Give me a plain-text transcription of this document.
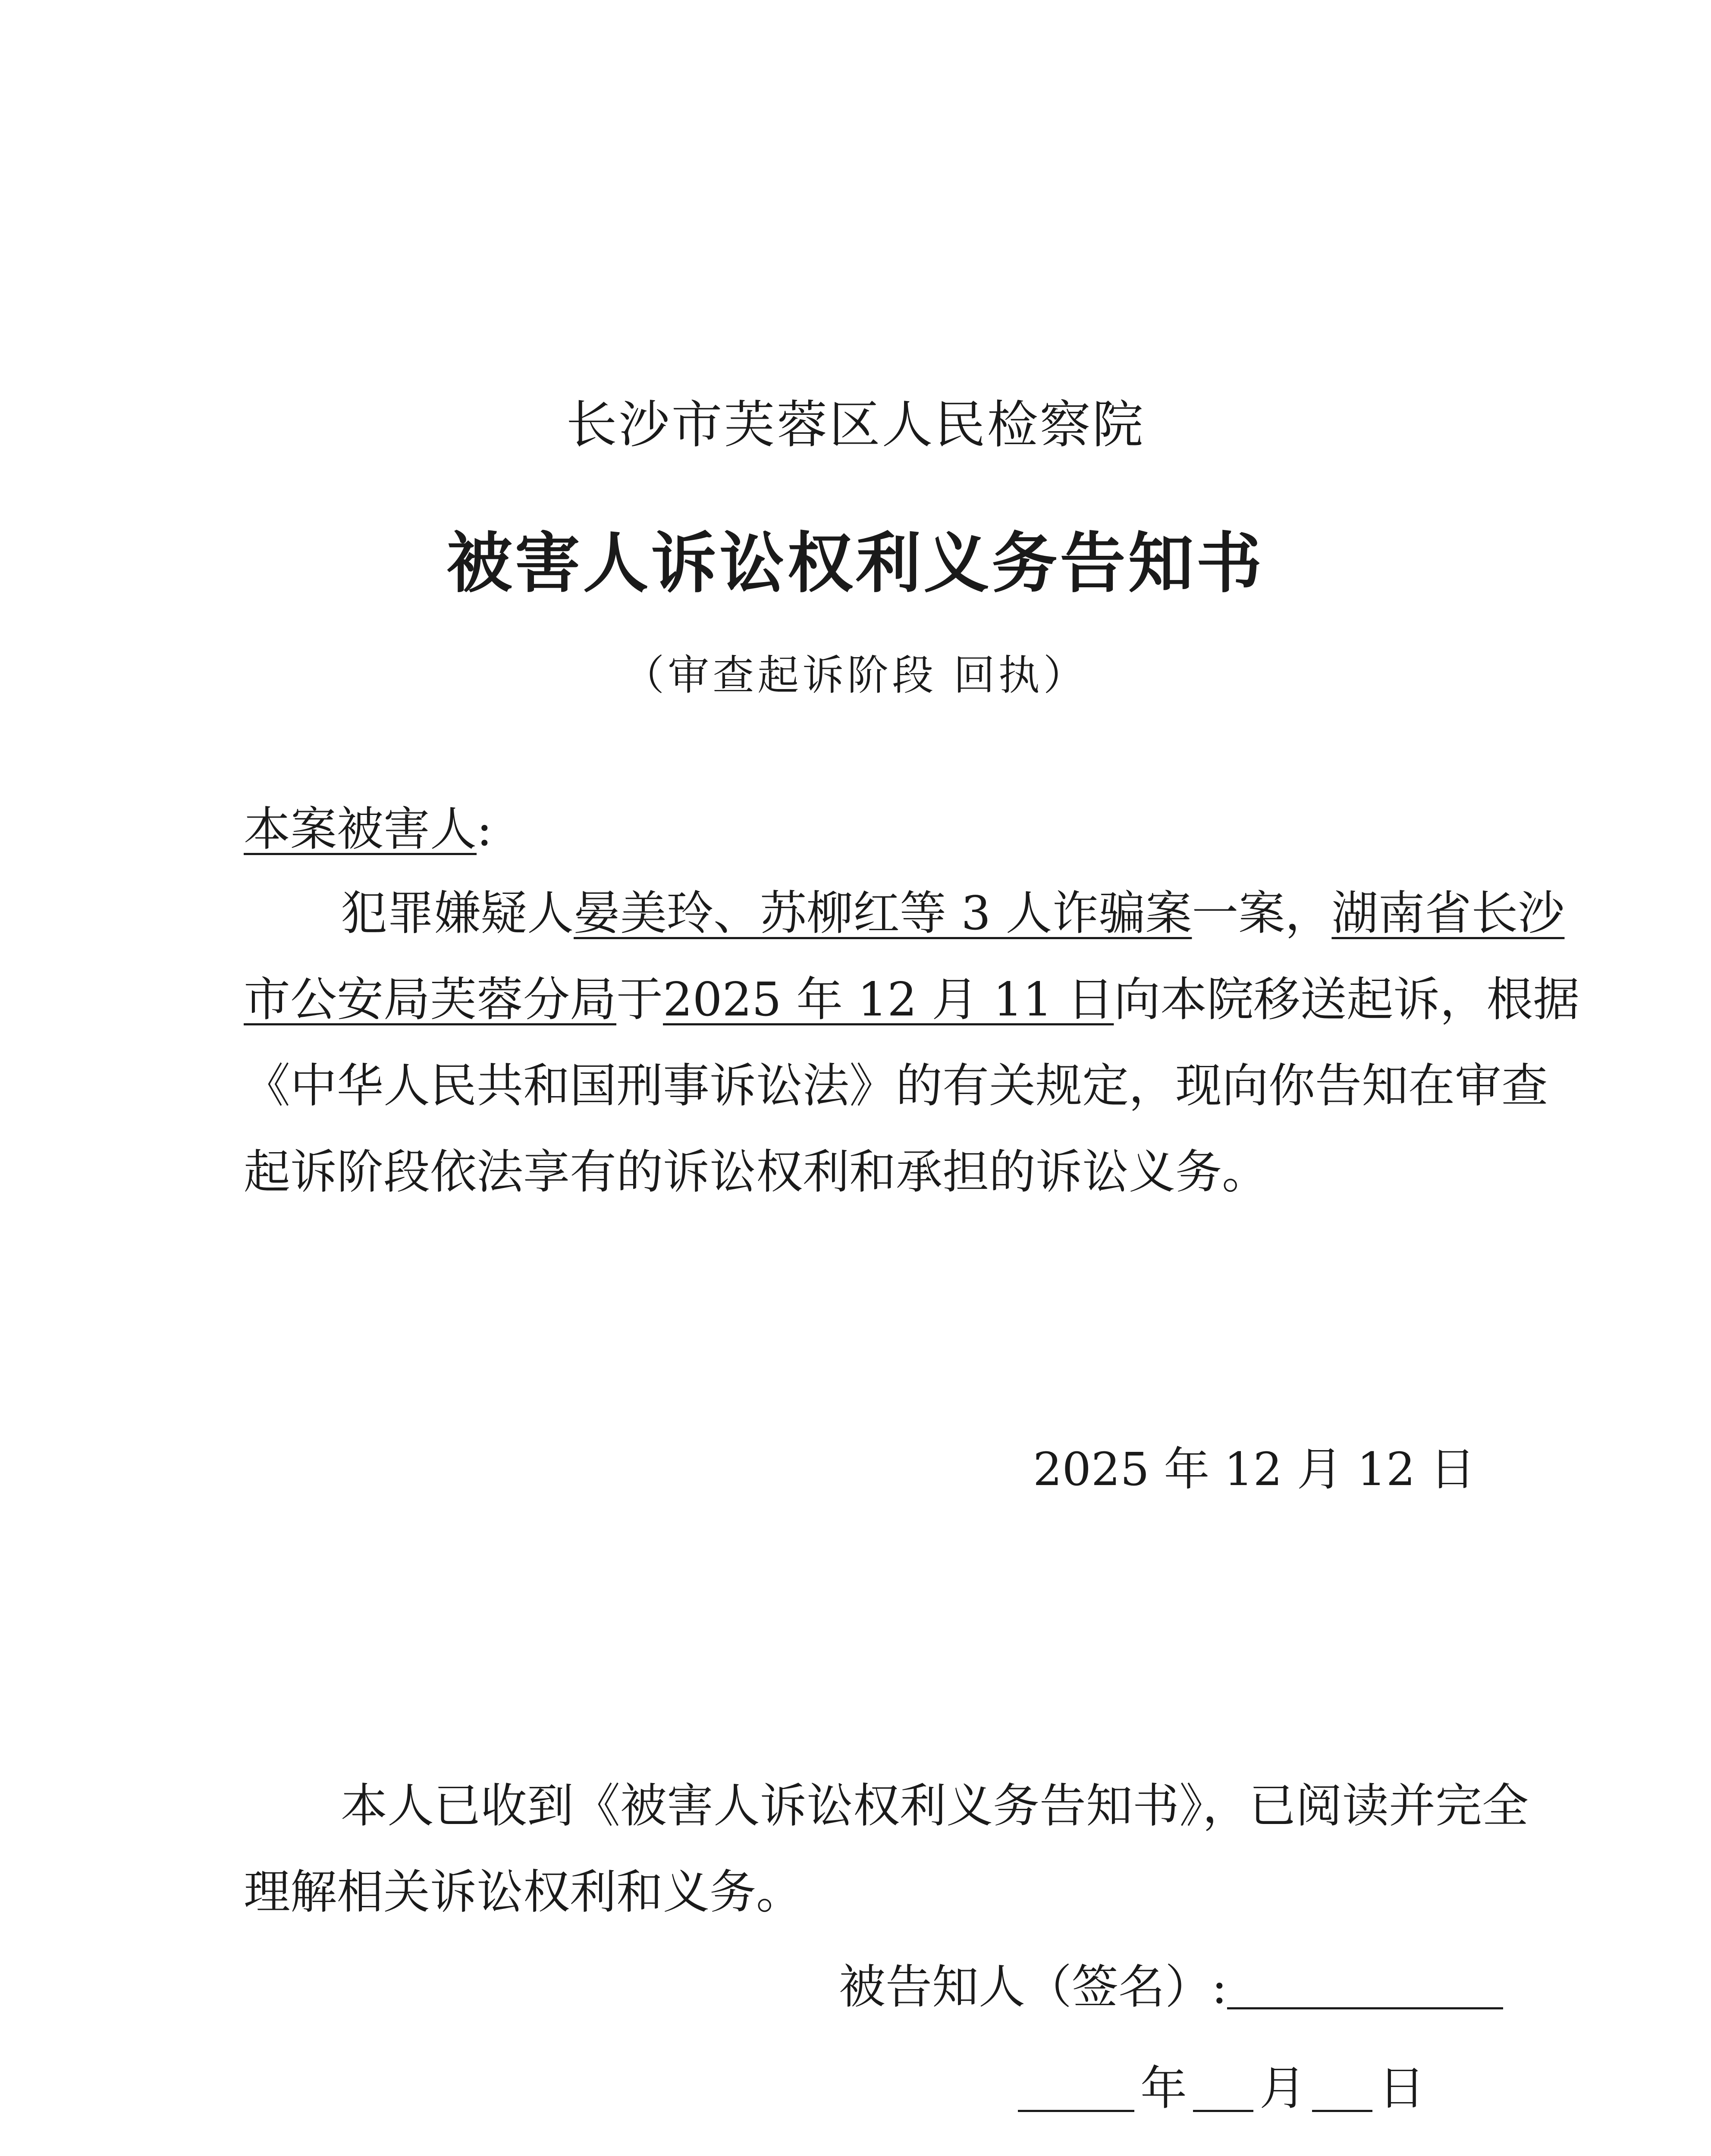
长沙市芙蓉区人民检察院
被害人诉讼权利义务告知书
（审查起诉阶段 回执）
本案被害人:
犯罪嫌疑人晏美玲、苏柳红等 3 人诈骗案一案，湖南省长沙
市公安局芙蓉分局于2025 年 12 月 11 日向本院移送起诉，根据
《中华人民共和国刑事诉讼法》的有关规定，现向你告知在审查
起诉阶段依法享有的诉讼权利和承担的诉讼义务。
2025 年 12 月 12 日
本人已收到《被害人诉讼权利义务告知书》，已阅读并完全
理解相关诉讼权利和义务。
被告知人（签名）:
年 月 日
